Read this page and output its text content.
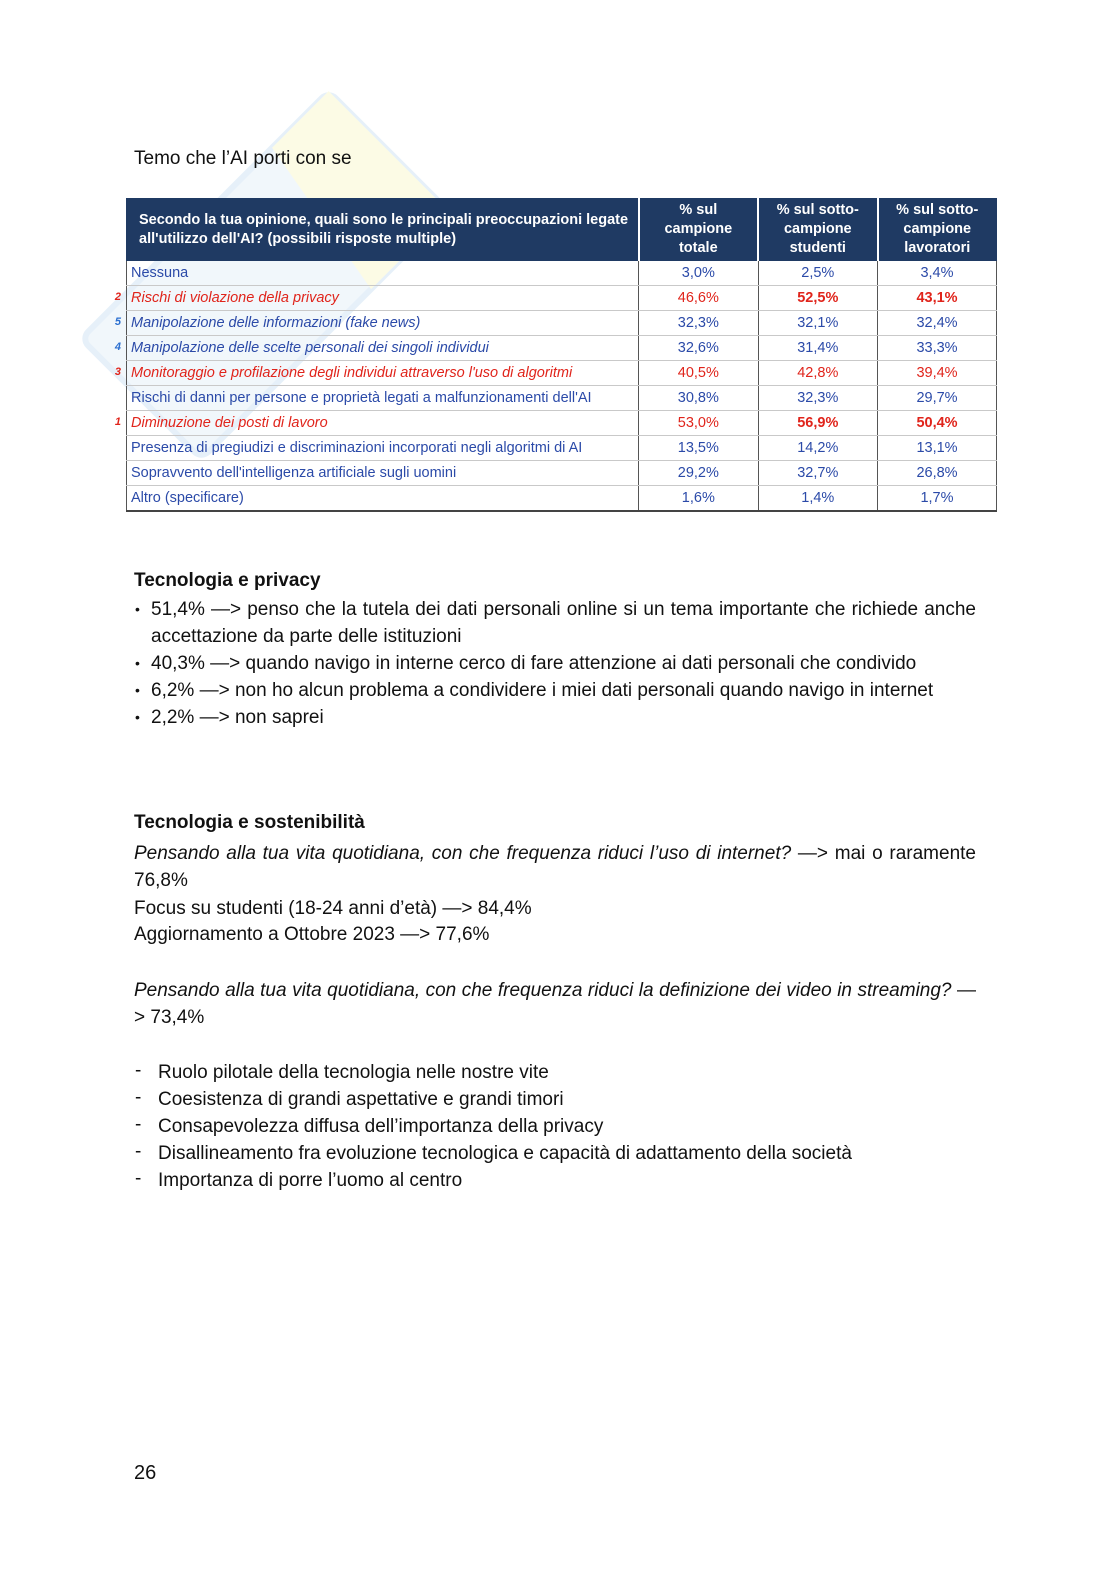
Temo che l’AI porti con se
Secondo la tua opinione, quali sono le principali preoccupazioni legate all'utilizzo dell'AI? (possibili risposte multiple)	% sul campione totale	% sul sotto-campione studenti	% sul sotto-campione lavoratori
Nessuna	3,0%	2,5%	3,4%

2 Rischi di violazione della privacy	46,6%	52,5%	43,1%

5 Manipolazione delle informazioni (fake news)	32,3%	32,1%	32,4%

4 Manipolazione delle scelte personali dei singoli individui	32,6%	31,4%	33,3%

3 Monitoraggio e profilazione degli individui attraverso l'uso di algoritmi	40,5%	42,8%	39,4%
Rischi di danni per persone e proprietà legati a malfunzionamenti dell'AI	30,8%	32,3%	29,7%

1 Diminuzione dei posti di lavoro	53,0%	56,9%	50,4%
Presenza di pregiudizi e discriminazioni incorporati negli algoritmi di AI	13,5%	14,2%	13,1%
Sopravvento dell'intelligenza artificiale sugli uomini	29,2%	32,7%	26,8%
Altro (specificare)	1,6%	1,4%	1,7%
Tecnologia e privacy
• 51,4% —> penso che la tutela dei dati personali online si un tema importante che richiede anche accettazione da parte delle istituzioni
• 40,3% —> quando navigo in interne cerco di fare attenzione ai dati personali che condivido
• 6,2% —> non ho alcun problema a condividere i miei dati personali quando navigo in internet
• 2,2% —> non saprei
Tecnologia e sostenibilità
Pensando alla tua vita quotidiana, con che frequenza riduci l’uso di internet? —> mai o raramente 76,8%
Focus su studenti (18-24 anni d’età) —> 84,4%
Aggiornamento a Ottobre 2023 —> 77,6%
Pensando alla tua vita quotidiana, con che frequenza riduci la definizione dei video in streaming? —> 73,4%
- Ruolo pilotale della tecnologia nelle nostre vite
- Coesistenza di grandi aspettative e grandi timori
- Consapevolezza diffusa dell’importanza della privacy
- Disallineamento fra evoluzione tecnologica e capacità di adattamento della società
- Importanza di porre l’uomo al centro
26
